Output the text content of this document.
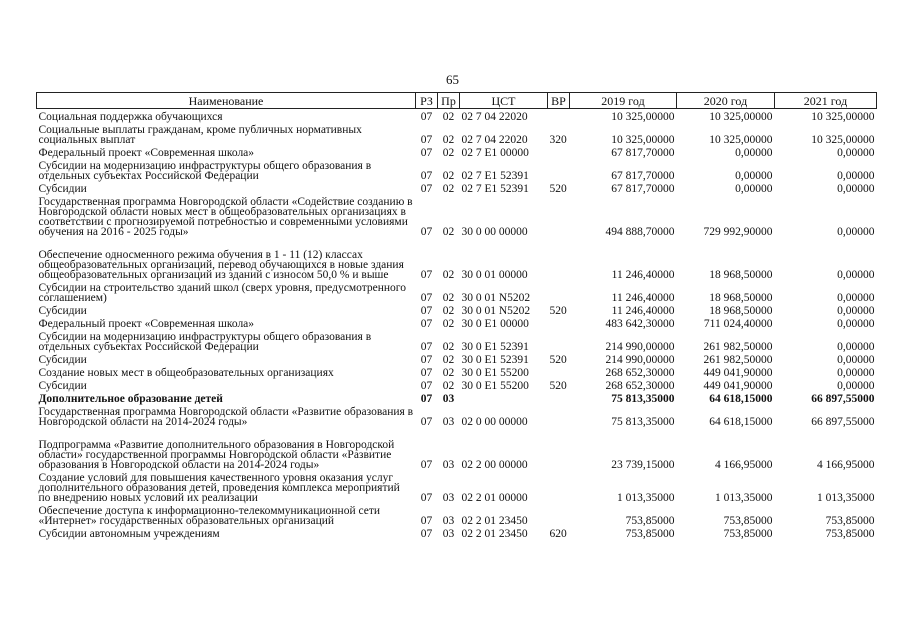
65
Наименование	РЗ	Пр	ЦСТ	ВР	2019 год	2020 год	2021 год
Социальная поддержка обучающихся	07	02	02 7 04 22020		10 325,00000	10 325,00000	10 325,00000
Социальные выплаты гражданам, кроме публичных нормативных социальных выплат	07	02	02 7 04 22020	320	10 325,00000	10 325,00000	10 325,00000
Федеральный проект «Современная школа»	07	02	02 7 E1 00000		67 817,70000	0,00000	0,00000
Субсидии на модернизацию инфраструктуры общего образования в отдельных субъектах Российской Федерации	07	02	02 7 E1 52391		67 817,70000	0,00000	0,00000
Субсидии	07	02	02 7 E1 52391	520	67 817,70000	0,00000	0,00000
Государственная программа Новгородской области «Содействие созданию в Новгородской области новых мест в общеобразовательных организациях в соответствии с прогнозируемой потребностью и современными условиями обучения на 2016 - 2025 годы»	07	02	30 0 00 00000		494 888,70000	729 992,90000	0,00000
Обеспечение односменного режима обучения в 1 - 11 (12) классах общеобразовательных организаций, перевод обучающихся в новые здания общеобразовательных организаций из зданий с износом 50,0 % и выше	07	02	30 0 01 00000		11 246,40000	18 968,50000	0,00000
Субсидии на строительство зданий школ (сверх уровня, предусмотренного соглашением)	07	02	30 0 01 N5202		11 246,40000	18 968,50000	0,00000
Субсидии	07	02	30 0 01 N5202	520	11 246,40000	18 968,50000	0,00000
Федеральный проект «Современная школа»	07	02	30 0 E1 00000		483 642,30000	711 024,40000	0,00000
Субсидии на модернизацию инфраструктуры общего образования в отдельных субъектах Российской Федерации	07	02	30 0 E1 52391		214 990,00000	261 982,50000	0,00000
Субсидии	07	02	30 0 E1 52391	520	214 990,00000	261 982,50000	0,00000
Создание новых мест в общеобразовательных организациях	07	02	30 0 E1 55200		268 652,30000	449 041,90000	0,00000
Субсидии	07	02	30 0 E1 55200	520	268 652,30000	449 041,90000	0,00000
Дополнительное образование детей	07	03			75 813,35000	64 618,15000	66 897,55000
Государственная программа Новгородской области «Развитие образования в Новгородской области на 2014-2024 годы»	07	03	02 0 00 00000		75 813,35000	64 618,15000	66 897,55000
Подпрограмма «Развитие дополнительного образования в Новгородской области» государственной программы Новгородской области «Развитие образования в Новгородской области на 2014-2024 годы»	07	03	02 2 00 00000		23 739,15000	4 166,95000	4 166,95000
Создание условий для повышения качественного уровня оказания услуг дополнительного образования детей, проведения комплекса мероприятий по внедрению новых условий их реализации	07	03	02 2 01 00000		1 013,35000	1 013,35000	1 013,35000
Обеспечение доступа к информационно-телекоммуникационной сети «Интернет» государственных образовательных организаций	07	03	02 2 01 23450		753,85000	753,85000	753,85000
Субсидии автономным учреждениям	07	03	02 2 01 23450	620	753,85000	753,85000	753,85000
